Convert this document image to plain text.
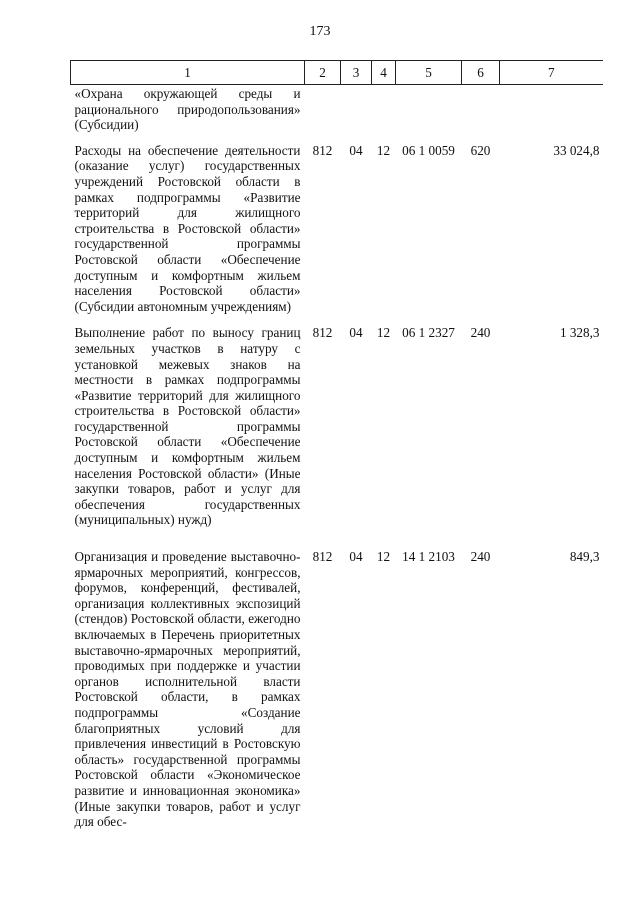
173
1	2	3	4	5	6	7
«Охрана окружающей среды и рационального природопользования» (Субсидии)						
Расходы на обеспечение деятельности (оказание услуг) государственных учреждений Ростовской области в рамках подпрограммы «Развитие территорий для жилищного строительства в Ростовской области» государственной программы Ростовской области «Обеспечение доступным и комфортным жильем населения Ростовской области» (Субсидии автономным учреждениям)	812	04	12	06 1 0059	620	33 024,8
Выполнение работ по выносу границ земельных участков в натуру с установкой межевых знаков на местности в рамках подпрограммы «Развитие территорий для жилищного строительства в Ростовской области» государственной программы Ростовской области «Обеспечение доступным и комфортным жильем населения Ростовской области» (Иные закупки товаров, работ и услуг для обеспечения государственных (муниципальных) нужд)	812	04	12	06 1 2327	240	1 328,3
Организация и проведение выставочно-ярмарочных мероприятий, конгрессов, форумов, конференций, фестивалей, организация коллективных экспозиций (стендов) Ростовской области, ежегодно включаемых в Перечень приоритетных выставочно-ярмарочных мероприятий, проводимых при поддержке и участии органов исполнительной власти Ростовской области, в рамках подпрограммы «Создание благоприятных условий для привлечения инвестиций в Ростовскую область» государственной программы Ростовской области «Экономическое развитие и инновационная экономика» (Иные закупки товаров, работ и услуг для обес-	812	04	12	14 1 2103	240	849,3
